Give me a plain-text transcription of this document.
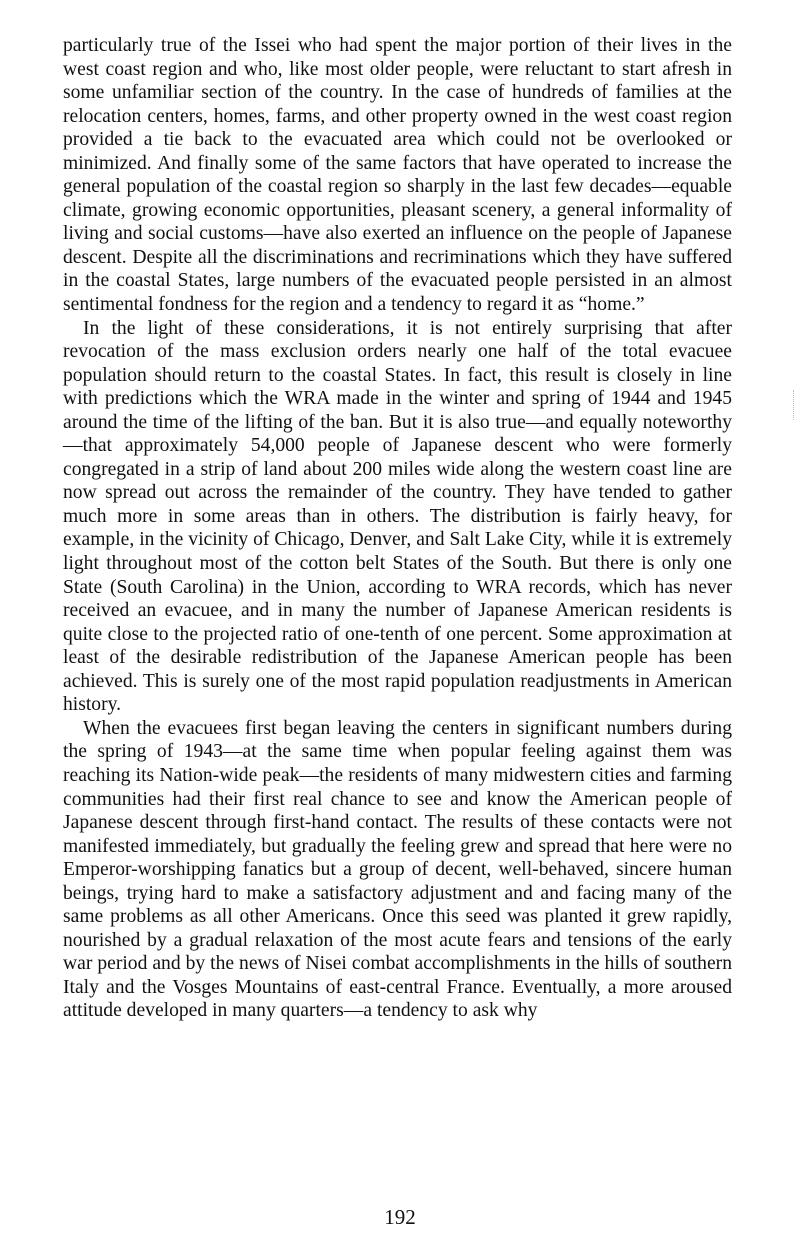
particularly true of the Issei who had spent the major portion of their lives in the west coast region and who, like most older people, were reluctant to start afresh in some unfamiliar section of the country. In the case of hundreds of families at the relocation centers, homes, farms, and other property owned in the west coast region provided a tie back to the evacuated area which could not be overlooked or minimized. And finally some of the same factors that have operated to increase the general population of the coastal region so sharply in the last few decades—equable climate, growing economic opportunities, pleasant scenery, a general informality of living and social customs—have also exerted an influence on the people of Japanese descent. Despite all the discriminations and recriminations which they have suffered in the coastal States, large numbers of the evacuated people persisted in an almost sentimental fondness for the region and a tendency to regard it as “home.”

In the light of these considerations, it is not entirely surprising that after revocation of the mass exclusion orders nearly one half of the total evacuee population should return to the coastal States. In fact, this result is closely in line with predictions which the WRA made in the winter and spring of 1944 and 1945 around the time of the lifting of the ban. But it is also true—and equally noteworthy—that approximately 54,000 people of Japanese descent who were formerly congregated in a strip of land about 200 miles wide along the western coast line are now spread out across the remainder of the country. They have tended to gather much more in some areas than in others. The distribution is fairly heavy, for example, in the vicinity of Chicago, Denver, and Salt Lake City, while it is extremely light throughout most of the cotton belt States of the South. But there is only one State (South Carolina) in the Union, according to WRA records, which has never received an evacuee, and in many the number of Japanese American residents is quite close to the projected ratio of one-tenth of one percent. Some approximation at least of the desirable redistribution of the Japanese American people has been achieved. This is surely one of the most rapid population readjustments in American history.

When the evacuees first began leaving the centers in significant numbers during the spring of 1943—at the same time when popular feeling against them was reaching its Nation-wide peak—the residents of many midwestern cities and farming communities had their first real chance to see and know the American people of Japanese descent through first-hand contact. The results of these contacts were not manifested immediately, but gradually the feeling grew and spread that here were no Emperor-worshipping fanatics but a group of decent, well-behaved, sincere human beings, trying hard to make a satisfactory adjustment and and facing many of the same problems as all other Americans. Once this seed was planted it grew rapidly, nourished by a gradual relaxation of the most acute fears and tensions of the early war period and by the news of Nisei combat accomplishments in the hills of southern Italy and the Vosges Mountains of east-central France. Eventually, a more aroused attitude developed in many quarters—a tendency to ask why

192
